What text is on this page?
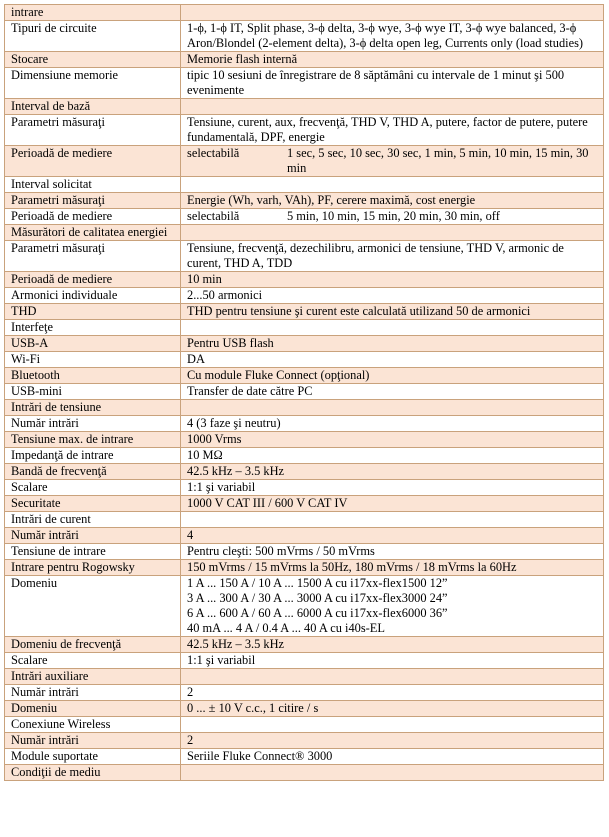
intrare	
Tipuri de circuite	1-ϕ, 1-ϕ IT, Split phase, 3-ϕ delta, 3-ϕ wye, 3-ϕ wye IT, 3-ϕ wye balanced, 3-ϕ Aron/Blondel (2-element delta), 3-ϕ delta open leg, Currents only (load studies)
Stocare	Memorie flash internă
Dimensiune memorie	tipic 10 sesiuni de înregistrare de 8 săptămâni cu intervale de 1 minut şi 500 evenimente
Interval de bază	
Parametri măsuraţi	Tensiune, curent, aux, frecvenţă, THD V, THD A, putere, factor de putere, putere fundamentală, DPF, energie
Perioadă de mediere	selectabilă 1 sec, 5 sec, 10 sec, 30 sec, 1 min, 5 min, 10 min, 15 min, 30 min

Interval solicitat	
Parametri măsuraţi	Energie (Wh, varh, VAh), PF, cerere maximă, cost energie
Perioadă de mediere	selectabilă 5 min, 10 min, 15 min, 20 min, 30 min, off

Măsurători de calitatea energiei	
Parametri măsuraţi	Tensiune, frecvenţă, dezechilibru, armonici de tensiune, THD V, armonic de curent, THD A, TDD
Perioadă de mediere	10 min
Armonici individuale	2...50 armonici
THD	THD pentru tensiune şi curent este calculată utilizand 50 de armonici
Interfeţe	
USB-A	Pentru USB flash
Wi-Fi	DA
Bluetooth	Cu module Fluke Connect (opţional)
USB-mini	Transfer de date către PC
Intrări de tensiune	
Număr intrări	4 (3 faze şi neutru)
Tensiune max. de intrare	1000 Vrms
Impedanţă de intrare	10 MΩ
Bandă de frecvenţă	42.5 kHz – 3.5 kHz
Scalare	1:1 şi variabil
Securitate	1000 V CAT III / 600 V CAT IV
Intrări de curent	
Număr intrări	4
Tensiune de intrare	Pentru cleşti: 500 mVrms / 50 mVrms
Intrare pentru Rogowsky	150 mVrms / 15 mVrms la 50Hz, 180 mVrms / 18 mVrms la 60Hz
Domeniu	1 A ... 150 A / 10 A ... 1500 A cu i17xx-flex1500 12”
3 A ... 300 A / 30 A ... 3000 A cu i17xx-flex3000 24”
6 A ... 600 A / 60 A ... 6000 A cu i17xx-flex6000 36”
40 mA ... 4 A / 0.4 A ... 40 A cu i40s-EL

Domeniu de frecvenţă	42.5 kHz – 3.5 kHz
Scalare	1:1 şi variabil
Intrări auxiliare	
Număr intrări	2
Domeniu	0 ... ± 10 V c.c., 1 citire / s
Conexiune Wireless	
Număr intrări	2
Module suportate	Seriile Fluke Connect® 3000
Condiţii de mediu	
